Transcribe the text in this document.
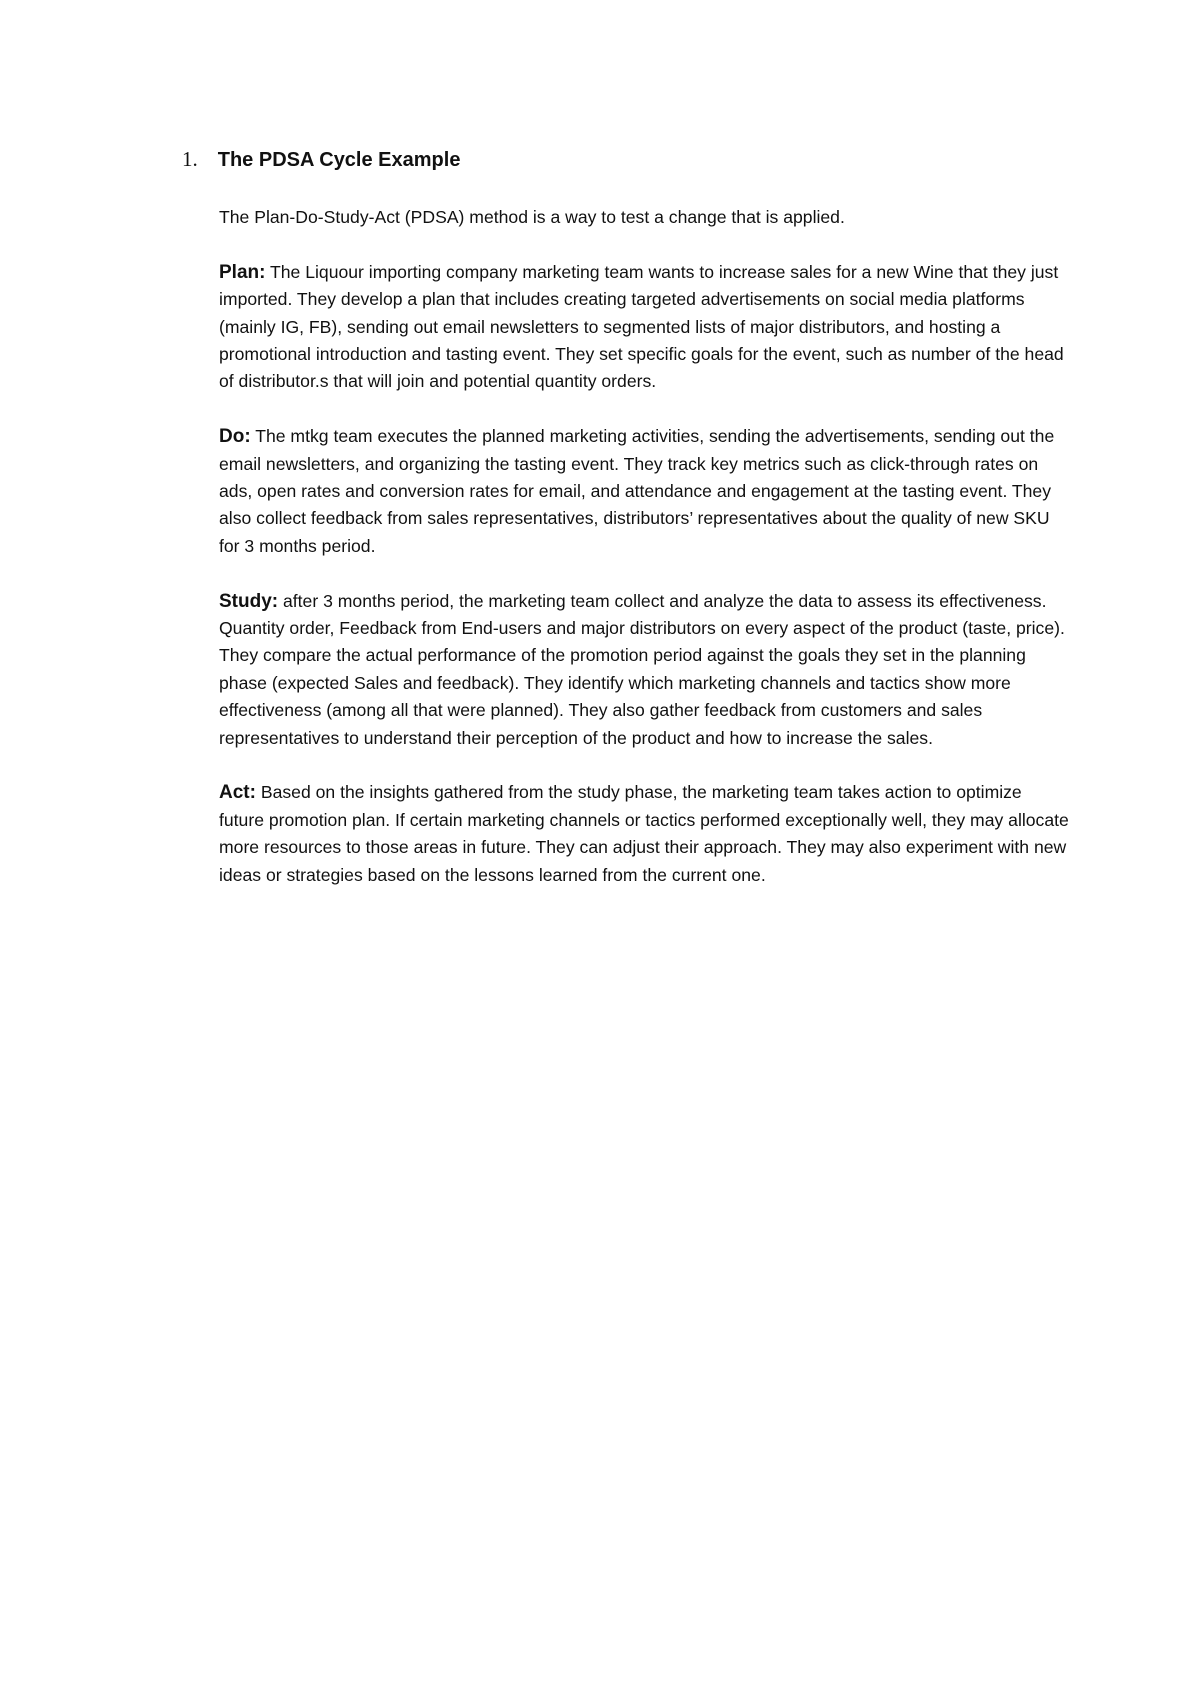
1. The PDSA Cycle Example

The Plan-Do-Study-Act (PDSA) method is a way to test a change that is applied.

Plan: The Liquour importing company marketing team wants to increase sales for a new Wine that they just imported. They develop a plan that includes creating targeted advertisements on social media platforms (mainly IG, FB), sending out email newsletters to segmented lists of major distributors, and hosting a promotional introduction and tasting event. They set specific goals for the event, such as number of the head of distributor.s that will join and potential quantity orders.

Do: The mtkg team executes the planned marketing activities, sending the advertisements, sending out the email newsletters, and organizing the tasting event. They track key metrics such as click-through rates on ads, open rates and conversion rates for email, and attendance and engagement at the tasting event. They also collect feedback from sales representatives, distributors’ representatives about the quality of new SKU for 3 months period.

Study: after 3 months period, the marketing team collect and analyze the data to assess its effectiveness. Quantity order, Feedback from End-users and major distributors on every aspect of the product (taste, price). They compare the actual performance of the promotion period against the goals they set in the planning phase (expected Sales and feedback). They identify which marketing channels and tactics show more effectiveness (among all that were planned). They also gather feedback from customers and sales representatives to understand their perception of the product and how to increase the sales.

Act: Based on the insights gathered from the study phase, the marketing team takes action to optimize future promotion plan. If certain marketing channels or tactics performed exceptionally well, they may allocate more resources to those areas in future. They can adjust their approach. They may also experiment with new ideas or strategies based on the lessons learned from the current one.
